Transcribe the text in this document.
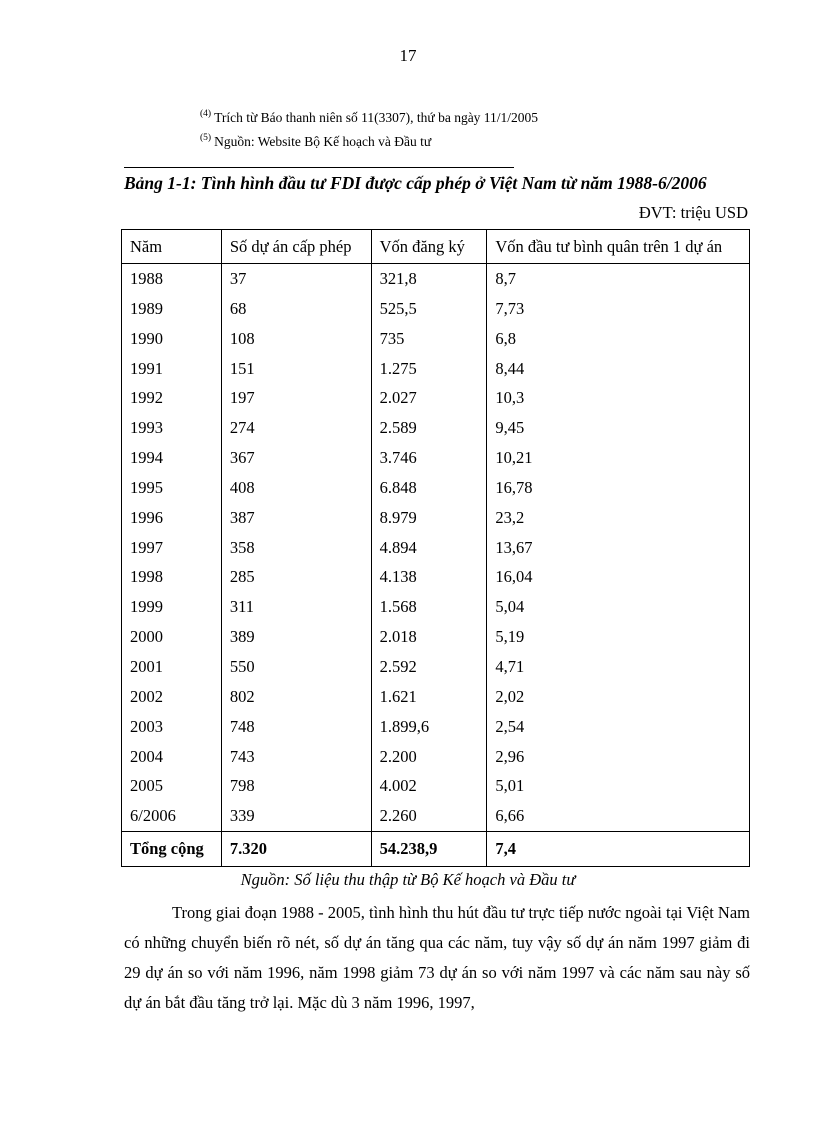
17
$^{(4)}$ Trích từ Báo thanh niên số 11(3307), thứ ba ngày 11/1/2005
$^{(5)}$ Nguồn: Website Bộ Kế hoạch và Đầu tư
Bảng 1-1: Tình hình đầu tư FDI được cấp phép ở Việt Nam từ năm 1988-6/2006
ĐVT: triệu USD
Năm	Số dự án cấp phép	Vốn đăng ký	Vốn đầu tư bình quân trên 1 dự án
1988	37	321,8	8,7
1989	68	525,5	7,73
1990	108	735	6,8
1991	151	1.275	8,44
1992	197	2.027	10,3
1993	274	2.589	9,45
1994	367	3.746	10,21
1995	408	6.848	16,78
1996	387	8.979	23,2
1997	358	4.894	13,67
1998	285	4.138	16,04
1999	311	1.568	5,04
2000	389	2.018	5,19
2001	550	2.592	4,71
2002	802	1.621	2,02
2003	748	1.899,6	2,54
2004	743	2.200	2,96
2005	798	4.002	5,01
6/2006	339	2.260	6,66
Tổng cộng	7.320	54.238,9	7,4
Nguồn: Số liệu thu thập từ Bộ Kế hoạch và Đầu tư

Trong giai đoạn 1988 - 2005, tình hình thu hút đầu tư trực tiếp nước ngoài tại Việt Nam có những chuyển biến rõ nét, số dự án tăng qua các năm, tuy vậy số dự án năm 1997 giảm đi 29 dự án so với năm 1996, năm 1998 giảm 73 dự án so với năm 1997 và các năm sau này số dự án bắt đầu tăng trở lại. Mặc dù 3 năm 1996, 1997,
